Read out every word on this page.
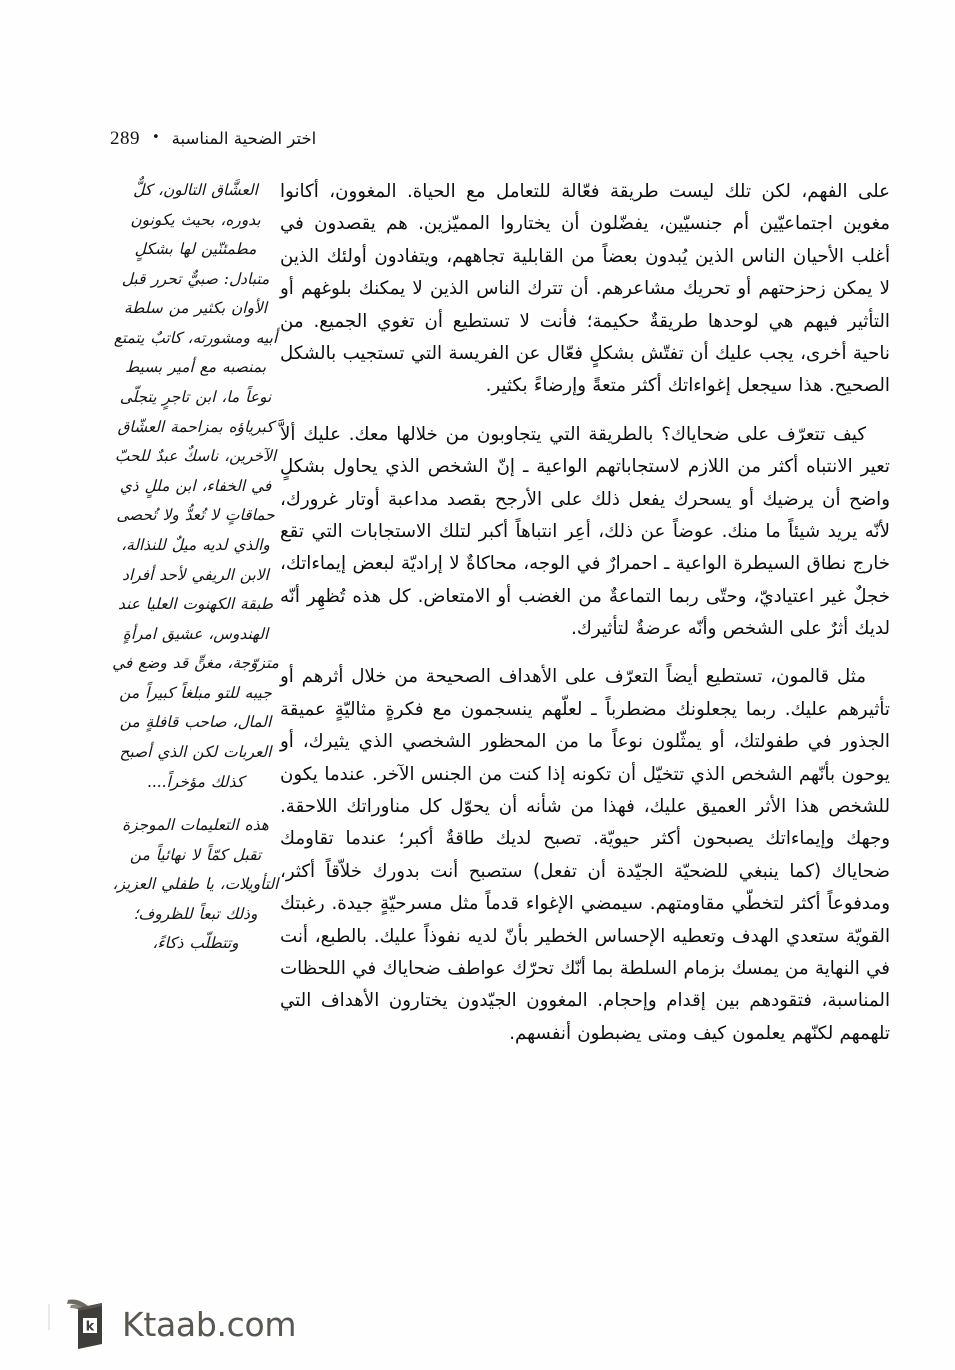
289 • اختر الضحية المناسبة

على الفهم، لكن تلك ليست طريقة فعّالة للتعامل مع الحياة. المغوون، أكانوا مغوين اجتماعيّين أم جنسيّين، يفضّلون أن يختاروا المميّزين. هم يقصدون في أغلب الأحيان الناس الذين يُبدون بعضاً من القابلية تجاههم، ويتفادون أولئك الذين لا يمكن زحزحتهم أو تحريك مشاعرهم. أن تترك الناس الذين لا يمكنك بلوغهم أو التأثير فيهم هي لوحدها طريقةٌ حكيمة؛ فأنت لا تستطيع أن تغوي الجميع. من ناحية أخرى، يجب عليك أن تفتّش بشكلٍ فعّال عن الفريسة التي تستجيب بالشكل الصحيح. هذا سيجعل إغواءاتك أكثر متعةً وإرضاءً بكثير.

كيف تتعرّف على ضحاياك؟ بالطريقة التي يتجاوبون من خلالها معك. عليك ألاَّ تعير الانتباه أكثر من اللازم لاستجاباتهم الواعية ـ إنّ الشخص الذي يحاول بشكلٍ واضح أن يرضيك أو يسحرك يفعل ذلك على الأرجح بقصد مداعبة أوتار غرورك، لأنّه يريد شيئاً ما منك. عوضاً عن ذلك، أعِر انتباهاً أكبر لتلك الاستجابات التي تقع خارج نطاق السيطرة الواعية ـ احمرارٌ في الوجه، محاكاةٌ لا إراديّة لبعض إيماءاتك، خجلٌ غير اعتياديّ، وحتّى ربما التماعةٌ من الغضب أو الامتعاض. كل هذه تُظهِر أنّه لديك أثرٌ على الشخص وأنّه عرضةٌ لتأثيرك.

مثل قالمون، تستطيع أيضاً التعرّف على الأهداف الصحيحة من خلال أثرهم أو تأثيرهم عليك. ربما يجعلونك مضطرباً ـ لعلّهم ينسجمون مع فكرةٍ مثاليّةٍ عميقة الجذور في طفولتك، أو يمثّلون نوعاً ما من المحظور الشخصي الذي يثيرك، أو يوحون بأنّهم الشخص الذي تتخيّل أن تكونه إذا كنت من الجنس الآخر. عندما يكون للشخص هذا الأثر العميق عليك، فهذا من شأنه أن يحوّل كل مناوراتك اللاحقة. وجهك وإيماءاتك يصبحون أكثر حيويّة. تصبح لديك طاقةٌ أكبر؛ عندما تقاومك ضحاياك (كما ينبغي للضحيّة الجيّدة أن تفعل) ستصبح أنت بدورك خلاّقاً أكثر، ومدفوعاً أكثر لتخطّي مقاومتهم. سيمضي الإغواء قدماً مثل مسرحيّةٍ جيدة. رغبتك القويّة ستعدي الهدف وتعطيه الإحساس الخطير بأنّ لديه نفوذاً عليك. بالطبع، أنت في النهاية من يمسك بزمام السلطة بما أنّك تحرّك عواطف ضحاياك في اللحظات المناسبة، فتقودهم بين إقدام وإحجام. المغوون الجيّدون يختارون الأهداف التي تلهمهم لكنّهم يعلمون كيف ومتى يضبطون أنفسهم.

العشَّاق التالون، كلٌّ بدوره، بحيث يكونون مطمئنّين لها بشكلٍ متبادل: صبيٌّ تحرر قبل الأوان بكثير من سلطة أبيه ومشورته، كاتبٌ يتمتع بمنصبه مع أمير بسيط نوعاً ما، ابن تاجرٍ يتجلّى كبرياؤه بمزاحمة العشّاق الآخرين، ناسكٌ عبدٌ للحبّ في الخفاء، ابن مللٍ ذي حماقاتٍ لا تُعدُّ ولا تُحصى والذي لديه ميلٌ للنذالة، الابن الريفي لأحد أفراد طبقة الكهنوت العليا عند الهندوس، عشيق امرأةٍ متزوّجة، مغنٍّ قد وضع في جيبه للتو مبلغاً كبيراً من المال، صاحب قافلةٍ من العربات لكن الذي أصبح كذلك مؤخراً....
هذه التعليمات الموجزة تقبل كمّاً لا نهائياً من التأويلات، يا طفلي العزيز، وذلك تبعاً للظروف؛ وتتطلّب ذكاءً،
k Ktaab.com
